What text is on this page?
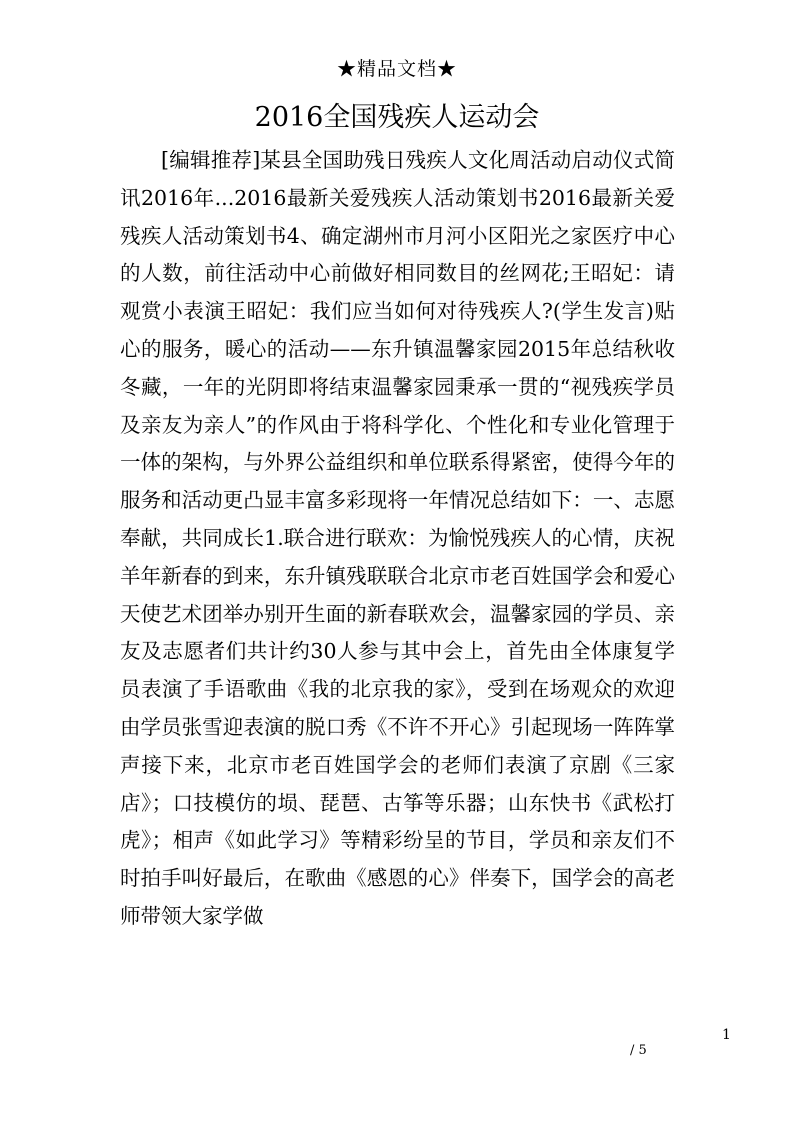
★精品文档★
2016全国残疾人运动会
[编辑推荐]某县全国助残日残疾人文化周活动启动仪式简讯2016年...2016最新关爱残疾人活动策划书2016最新关爱残疾人活动策划书4、确定湖州市月河小区阳光之家医疗中心的人数，前往活动中心前做好相同数目的丝网花;王昭妃：请观赏小表演王昭妃：我们应当如何对待残疾人?(学生发言)贴心的服务，暖心的活动——东升镇温馨家园2015年总结秋收冬藏，一年的光阴即将结束温馨家园秉承一贯的“视残疾学员及亲友为亲人”的作风由于将科学化、个性化和专业化管理于一体的架构，与外界公益组织和单位联系得紧密，使得今年的服务和活动更凸显丰富多彩现将一年情况总结如下：一、志愿奉献，共同成长1.联合进行联欢：为愉悦残疾人的心情，庆祝羊年新春的到来，东升镇残联联合北京市老百姓国学会和爱心天使艺术团举办别开生面的新春联欢会，温馨家园的学员、亲友及志愿者们共计约30人参与其中会上，首先由全体康复学员表演了手语歌曲《我的北京我的家》，受到在场观众的欢迎由学员张雪迎表演的脱口秀《不许不开心》引起现场一阵阵掌声接下来，北京市老百姓国学会的老师们表演了京剧《三家店》；口技模仿的埙、琵琶、古筝等乐器；山东快书《武松打虎》；相声《如此学习》等精彩纷呈的节目，学员和亲友们不时拍手叫好最后，在歌曲《感恩的心》伴奏下，国学会的高老师带领大家学做
1
/ 5
